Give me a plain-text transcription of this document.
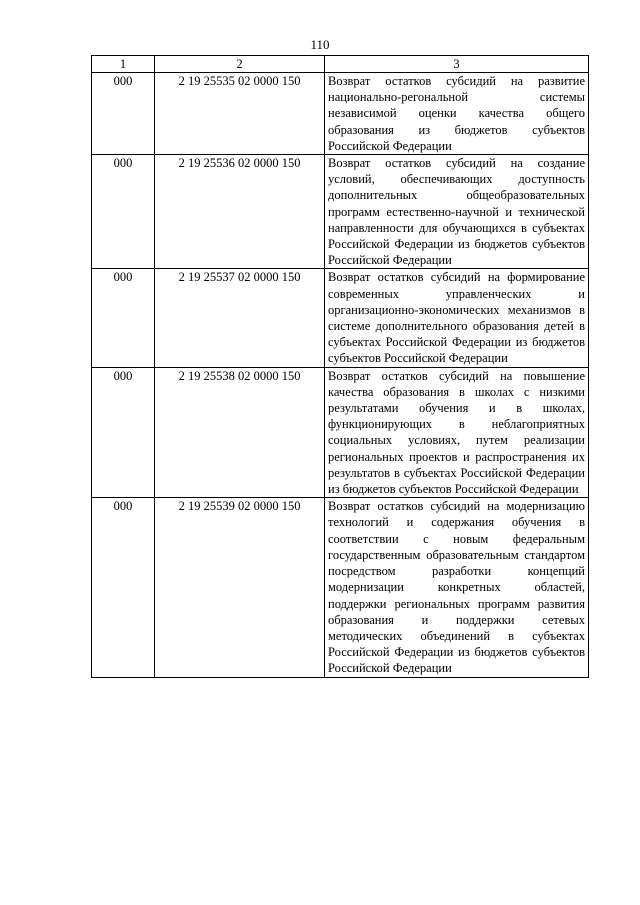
110
1	2	3
000	2 19 25535 02 0000 150	Возврат остатков субсидий на развитие национально-регональной системы независимой оценки качества общего образования из бюджетов субъектов Российской Федерации
000	2 19 25536 02 0000 150	Возврат остатков субсидий на создание условий, обеспечивающих доступность дополнительных общеобразовательных программ естественно-научной и технической направленности для обучающихся в субъектах Российской Федерации из бюджетов субъектов Российской Федерации
000	2 19 25537 02 0000 150	Возврат остатков субсидий на формирование современных управленческих и организационно-экономических механизмов в системе дополнительного образования детей в субъектах Российской Федерации из бюджетов субъектов Российской Федерации
000	2 19 25538 02 0000 150	Возврат остатков субсидий на повышение качества образования в школах с низкими результатами обучения и в школах, функционирующих в неблагоприятных социальных условиях, путем реализации региональных проектов и распространения их результатов в субъектах Российской Федерации из бюджетов субъектов Российской Федерации
000	2 19 25539 02 0000 150	Возврат остатков субсидий на модернизацию технологий и содержания обучения в соответствии с новым федеральным государственным образовательным стандартом посредством разработки концепций модернизации конкретных областей, поддержки региональных программ развития образования и поддержки сетевых методических объединений в субъектах Российской Федерации из бюджетов субъектов Российской Федерации
